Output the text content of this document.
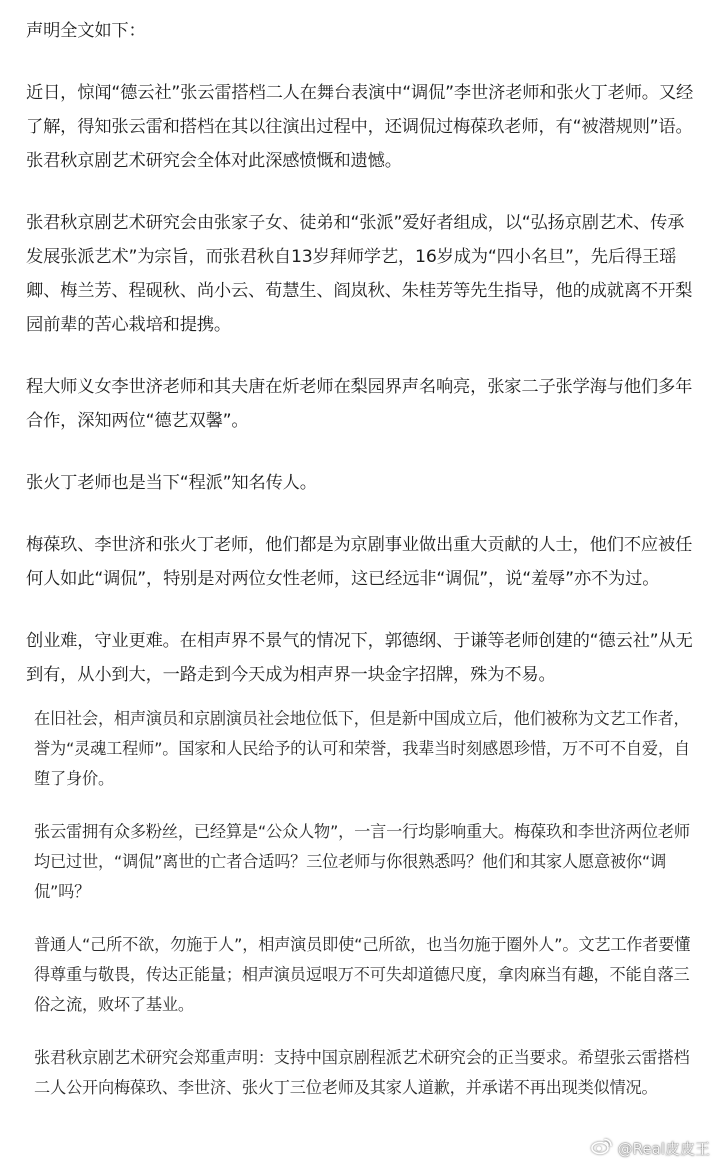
声明全文如下：

近日，惊闻“德云社”张云雷搭档二人在舞台表演中“调侃”李世济老师和张火丁老师。又经了解，得知张云雷和搭档在其以往演出过程中，还调侃过梅葆玖老师，有“被潜规则”语。张君秋京剧艺术研究会全体对此深感愤慨和遗憾。

张君秋京剧艺术研究会由张家子女、徒弟和“张派”爱好者组成，以“弘扬京剧艺术、传承发展张派艺术”为宗旨，而张君秋自13岁拜师学艺，16岁成为“四小名旦”，先后得王瑶卿、梅兰芳、程砚秋、尚小云、荀慧生、阎岚秋、朱桂芳等先生指导，他的成就离不开梨园前辈的苦心栽培和提携。

程大师义女李世济老师和其夫唐在炘老师在梨园界声名响亮，张家二子张学海与他们多年合作，深知两位“德艺双馨”。

张火丁老师也是当下“程派”知名传人。

梅葆玖、李世济和张火丁老师，他们都是为京剧事业做出重大贡献的人士，他们不应被任何人如此“调侃”，特别是对两位女性老师，这已经远非“调侃”，说“羞辱”亦不为过。

创业难，守业更难。在相声界不景气的情况下，郭德纲、于谦等老师创建的“德云社”从无到有，从小到大，一路走到今天成为相声界一块金字招牌，殊为不易。

在旧社会，相声演员和京剧演员社会地位低下，但是新中国成立后，他们被称为文艺工作者，誉为“灵魂工程师”。国家和人民给予的认可和荣誉，我辈当时刻感恩珍惜，万不可不自爱，自堕了身价。

张云雷拥有众多粉丝，已经算是“公众人物”，一言一行均影响重大。梅葆玖和李世济两位老师均已过世，“调侃”离世的亡者合适吗？三位老师与你很熟悉吗？他们和其家人愿意被你“调侃”吗？

普通人“己所不欲，勿施于人”，相声演员即使“己所欲，也当勿施于圈外人”。文艺工作者要懂得尊重与敬畏，传达正能量；相声演员逗哏万不可失却道德尺度，拿肉麻当有趣，不能自落三俗之流，败坏了基业。

张君秋京剧艺术研究会郑重声明：支持中国京剧程派艺术研究会的正当要求。希望张云雷搭档二人公开向梅葆玖、李世济、张火丁三位老师及其家人道歉，并承诺不再出现类似情况。

@Real皮皮王
